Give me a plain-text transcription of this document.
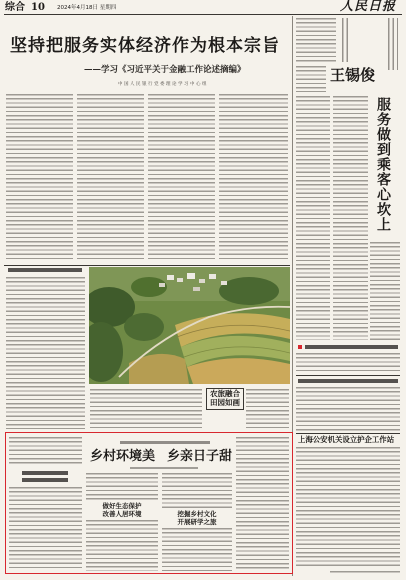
综合 10 2024年4月18日 星期四	人民日报
坚持把服务实体经济作为根本宗旨
——学习《习近平关于金融工作论述摘编》
中国人民银行党委理论学习中心组
王锡俊
服务做到乘客心坎上
上海公安机关设立护企工作站
农旅融合
田园如画
乡村环境美 乡亲日子甜
做好生态保护
改善人居环境	挖掘乡村文化
开展研学之旅
